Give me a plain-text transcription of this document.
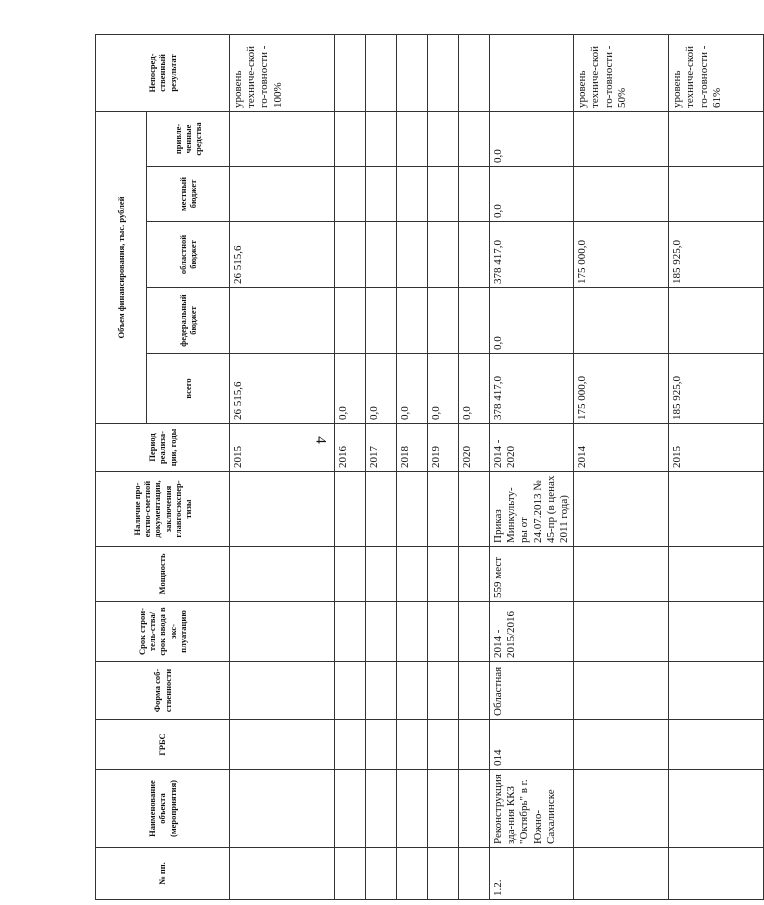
4
№ пп.	Наименование объекта (мероприятия)	ГРБС	Форма соб-ственности	Срок строи-тель-ства/срок ввода в экс-плуатацию	Мощность	Наличие про-ектно-сметной документации, заключения главгосэкспер-тизы	Период реализа-ции, годы	Объем финансирования, тыс. рублей					Непосред-ственный результат
								всего	федеральный бюджет	областной бюджет	местный бюджет	привле-ченные средства	
							2015	26 515,6		26 515,6			уровень техниче-ской го-товности - 100%
							2016	0,0					
							2017	0,0					
							2018	0,0					
							2019	0,0					
							2020	0,0					
1.2.	Реконструкция зда-ния ККЗ "Октябрь" в г. Южно-Сахалинске	014	Областная	2014 - 2015/2016	559 мест	Приказ Минкульту-ры от 24.07.2013 № 45-пр (в ценах 2011 года)	2014 - 2020	378 417,0	0,0	378 417,0	0,0	0,0	
							2014	175 000,0		175 000,0			уровень техниче-ской го-товности - 50%
							2015	185 925,0		185 925,0			уровень техниче-ской го-товности - 61%
